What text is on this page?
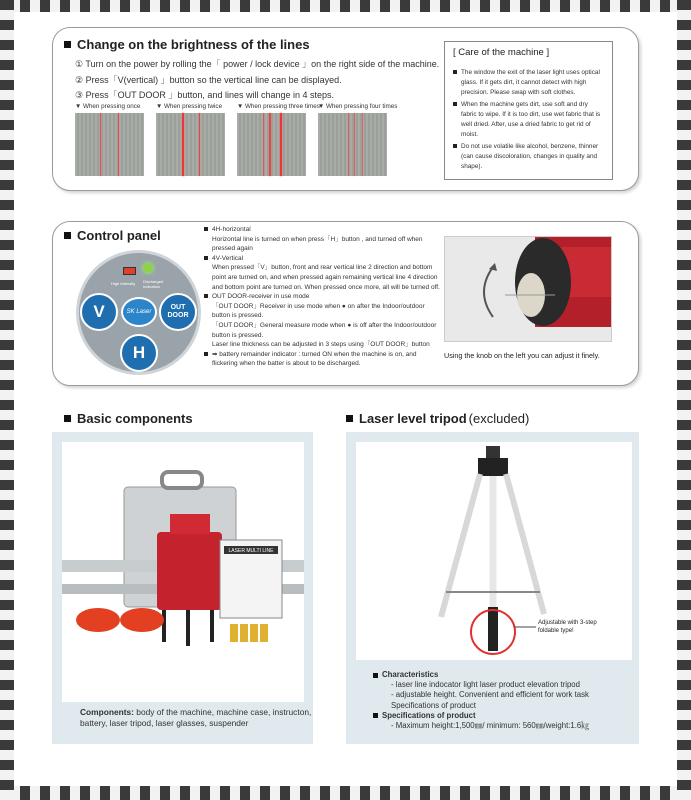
Change on the brightness of the lines
① Turn on the power by rolling the「 power / lock device 」on the right side of the machine.
② Press「V(vertical) 」button so the vertical line can be displayed.
③ Press「OUT DOOR 」button, and lines will change in 4 steps.
▼ When pressing once	▼ When pressing twice	▼ When pressing three times
▼ When pressing four times
[ Care of the machine ]
The window the exit of the laser light uses optical glass. If it gets dirt, it cannot detect with high precision. Please swap with soft clothes.
When the machine gets dirt, use soft and dry fabric to wipe. If it is too dirt, use wet fabric that is well dried. After, use a dried fabric to get rid of moist.
Do not use volatile like alcohol, benzene, thinner (can cause discoloration, changes in quality and shape).
Control panel
High Intensity Discharged Indication
V	OUT DOOR
H
SK Laser
4H-horizontal
Horizontal line is turned on when press「H」button , and turned off when pressed again
4V-Vertical
When pressed「V」button, front and rear vertical line 2 direction and bottom point are turned on, and when pressed again remaining vertical line 4 direction and bottom point are turned on. When pressed once more, all will be turned off.
OUT DOOR-receiver in use mode
「OUT DOOR」Receiver in use mode when ● on after the Indoor/outdoor button is pressed.
「OUT DOOR」General measure mode when ● is off after the Indoor/outdoor button is pressed.
Laser line thickness can be adjusted in 3 steps using「OUT DOOR」button
➡ battery remainder indicator : turned ON when the machine is on, and flickering when the batter is about to be discharged.
Using the knob on the left you can adjust it finely.
Basic components
LASER MULTI LINE
Components: body of the machine, machine case, instructon, battery, laser tripod, laser glasses, suspender
Laser level tripod (excluded)
Adjustable with 3-step foldable type!
Characteristics
- laser line indocator light laser product elevation tripod
- adjustable height. Convenient and efficient for work task
Specifications of product
Specifications of product
- Maximum height:1,500㎜/ minimum: 560㎜/weight:1.6㎏
